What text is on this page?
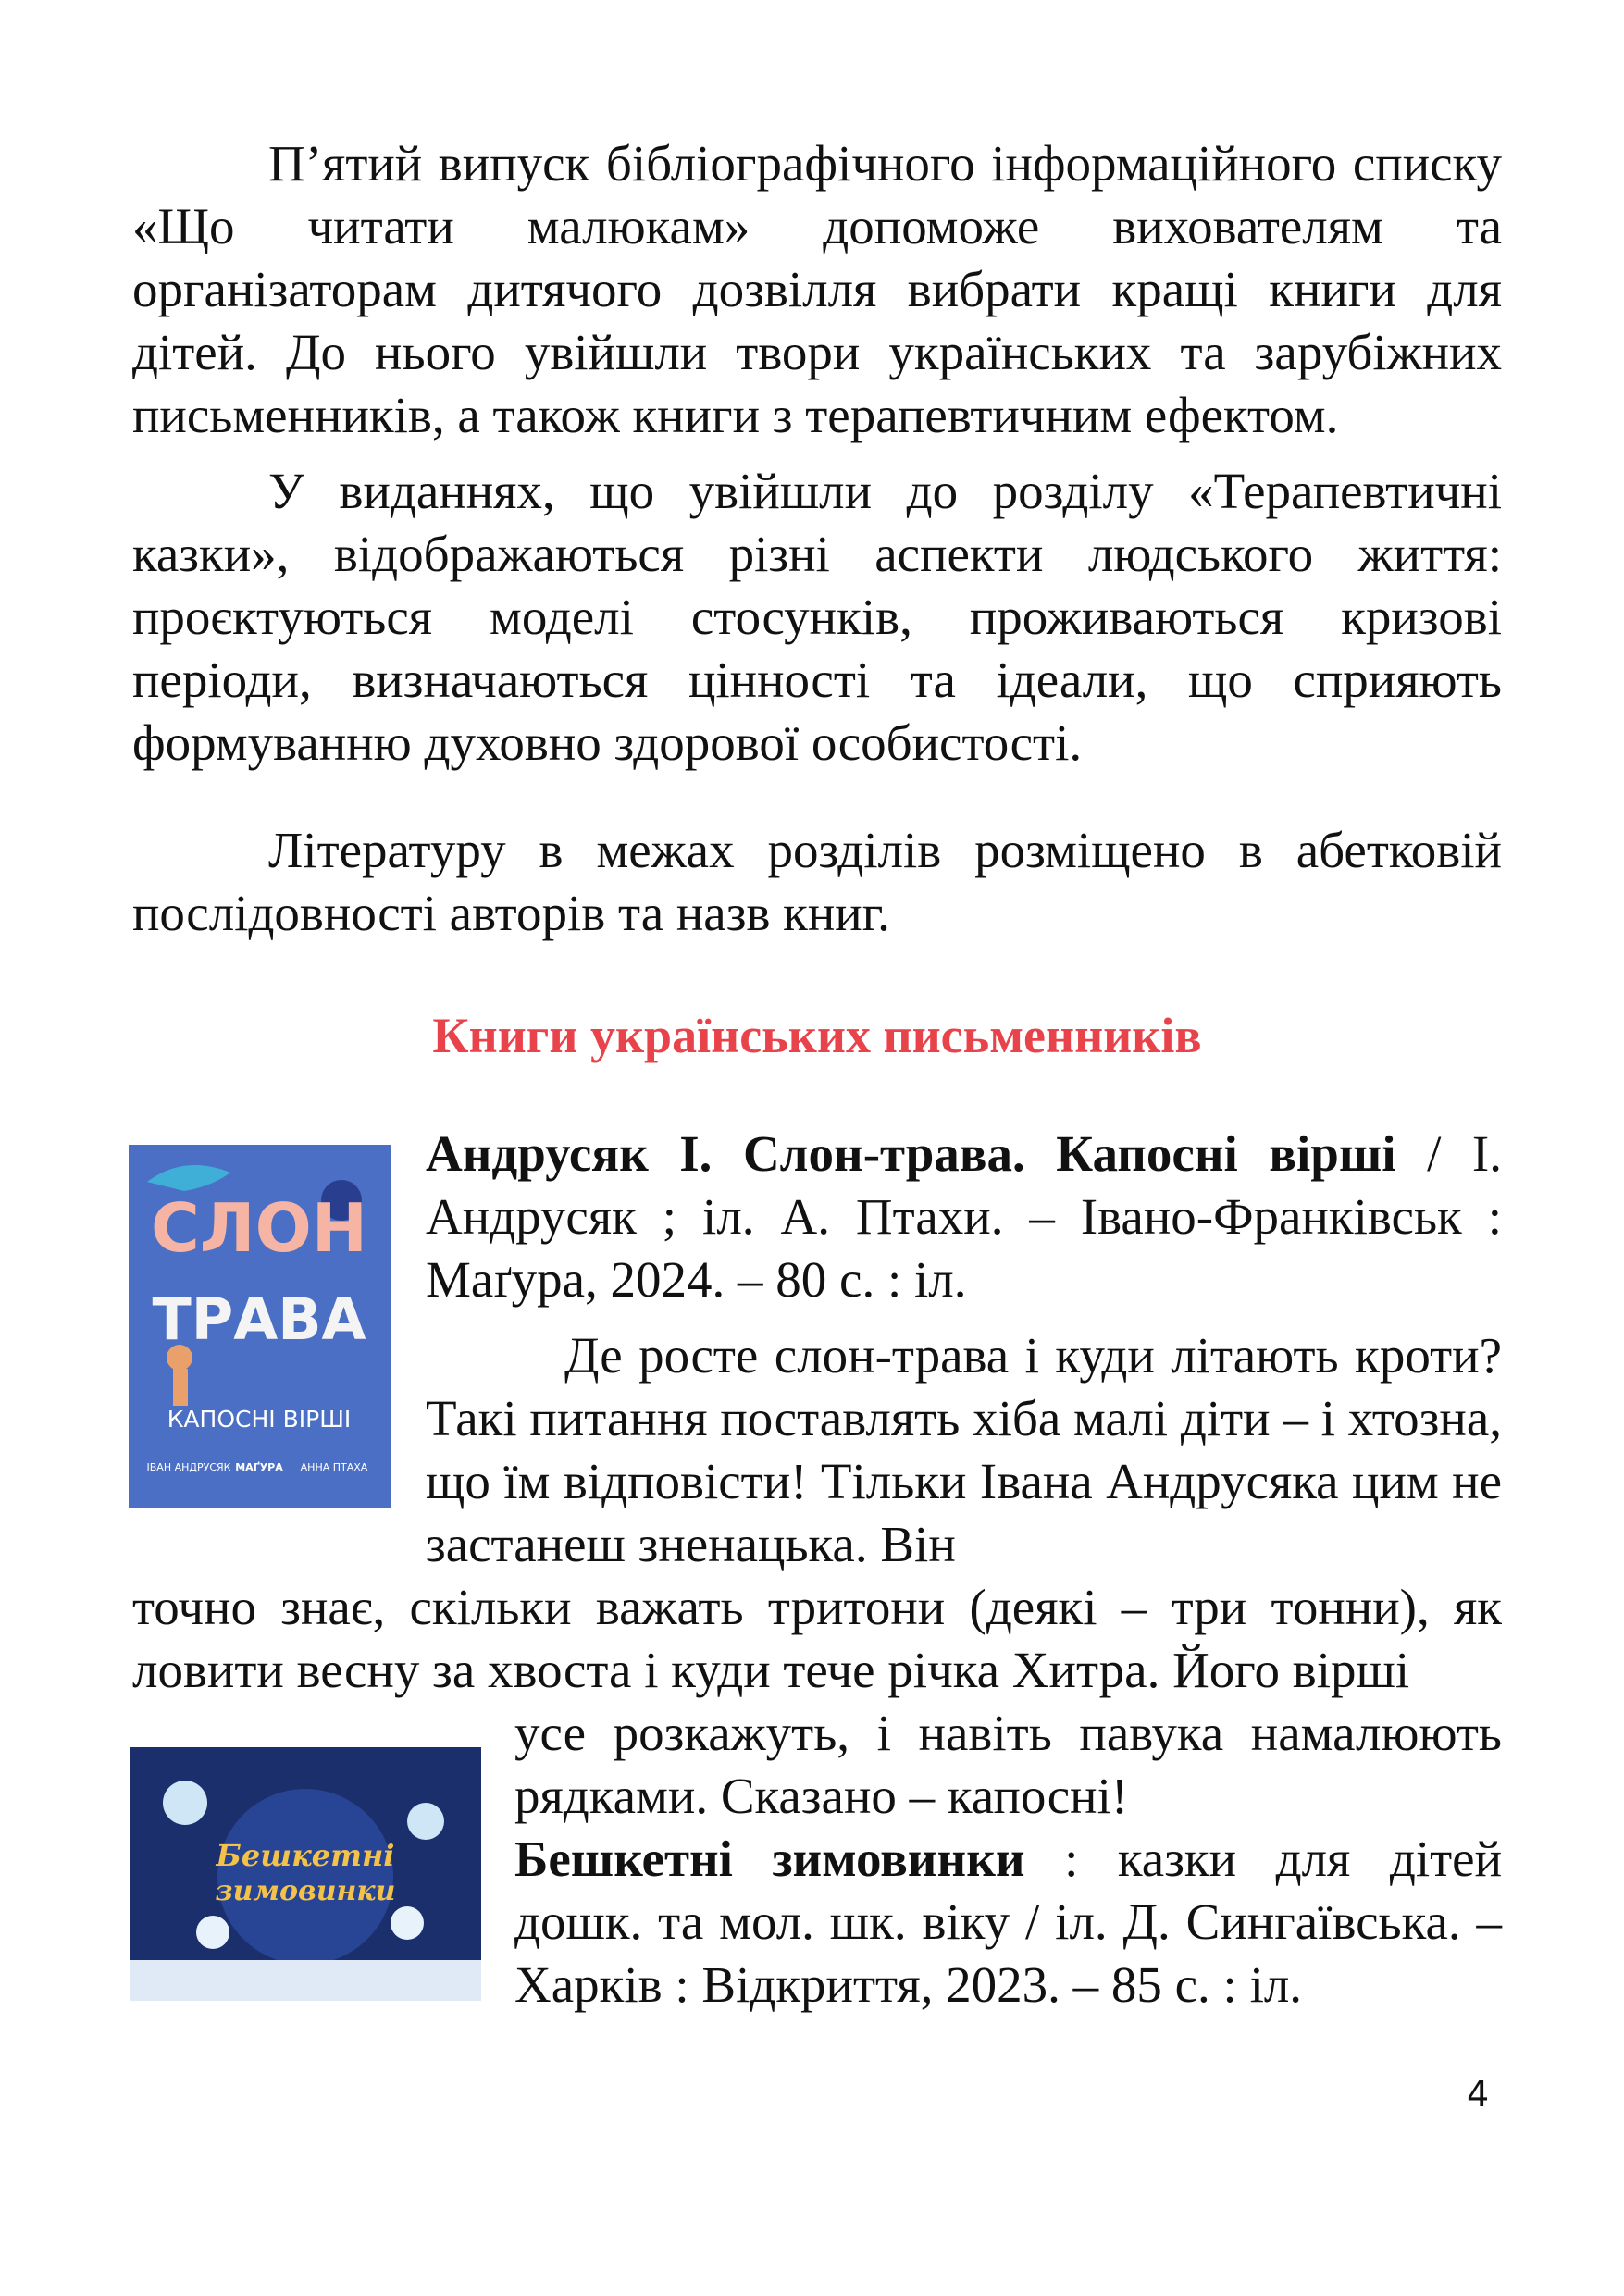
П’ятий випуск бібліографічного інформаційного списку «Що читати малюкам» допоможе вихователям та організаторам дитячого дозвілля вибрати кращі книги для дітей. До нього увійшли твори українських та зарубіжних письменників, а також книги з терапевтичним ефектом.

У виданнях, що увійшли до розділу «Терапевтичні казки», відображаються різні аспекти людського життя: проєктуються моделі стосунків, проживаються кризові періоди, визначаються цінності та ідеали, що сприяють формуванню духовно здорової особистості.

Літературу в межах розділів розміщено в абетковій послідовності авторів та назв книг.

Книги українських письменників
СЛОН
ТРАВА
КАПОСНІ ВІРШІ
ІВАН АНДРУСЯК МАҐУРА АННА ПТАХА

Андрусяк І. Слон-трава. Капосні вірші / І. Андрусяк ; іл. А. Птахи. – Івано-Франківськ : Маґура, 2024. – 80 с. : іл.

Де росте слон-трава і куди літають кроти? Такі питання поставлять хіба малі діти – і хтозна, що їм відповісти! Тільки Івана Андрусяка цим не застанеш зненацька. Він

точно знає, скільки важать тритони (деякі – три тонни), як ловити весну за хвоста і куди тече річка Хитра. Його вірші

усе розкажуть, і навіть павука намалюють рядками. Сказано – капосні!

Бешкетні
зимовинки

Бешкетні зимовинки : казки для дітей дошк. та мол. шк. віку / іл. Д. Сингаївська. – Харків : Відкриття, 2023. – 85 с. : іл.

4
